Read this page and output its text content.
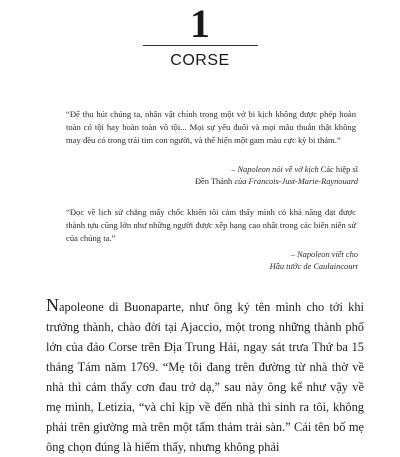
1
CORSE
“Để thu hút chúng ta, nhân vật chính trong một vở bi kịch không được phép hoàn toàn có tội hay hoàn toàn vô tội... Mọi sự yếu đuối và mọi mâu thuẫn thật không may đều có trong trái tim con người, và thể hiện một gam màu cực kỳ bi thảm.”
– Napoleon nói về vở kịch Các hiệp sĩ
Đền Thánh của Francois-Just-Marie-Raynouard
“Đọc về lịch sử chẳng mấy chốc khiến tôi cảm thấy mình có khả năng đạt được thành tựu cũng lớn như những người được xếp hạng cao nhất trong các biên niên sử của chúng ta.”
– Napoleon viết cho
Hầu tước de Caulaincourt
Napoleone di Buonaparte, như ông ký tên mình cho tới khi trưởng thành, chào đời tại Ajaccio, một trong những thành phố lớn của đảo Corse trên Địa Trung Hải, ngay sát trưa Thứ ba 15 tháng Tám năm 1769. “Mẹ tôi đang trên đường từ nhà thờ về nhà thì cảm thấy cơn đau trở dạ,” sau này ông kể như vậy về mẹ mình, Letizia, “và chỉ kịp về đến nhà thì sinh ra tôi, không phải trên giường mà trên một tấm thảm trải sàn.” Cái tên bố mẹ ông chọn đúng là hiếm thấy, nhưng không phải
